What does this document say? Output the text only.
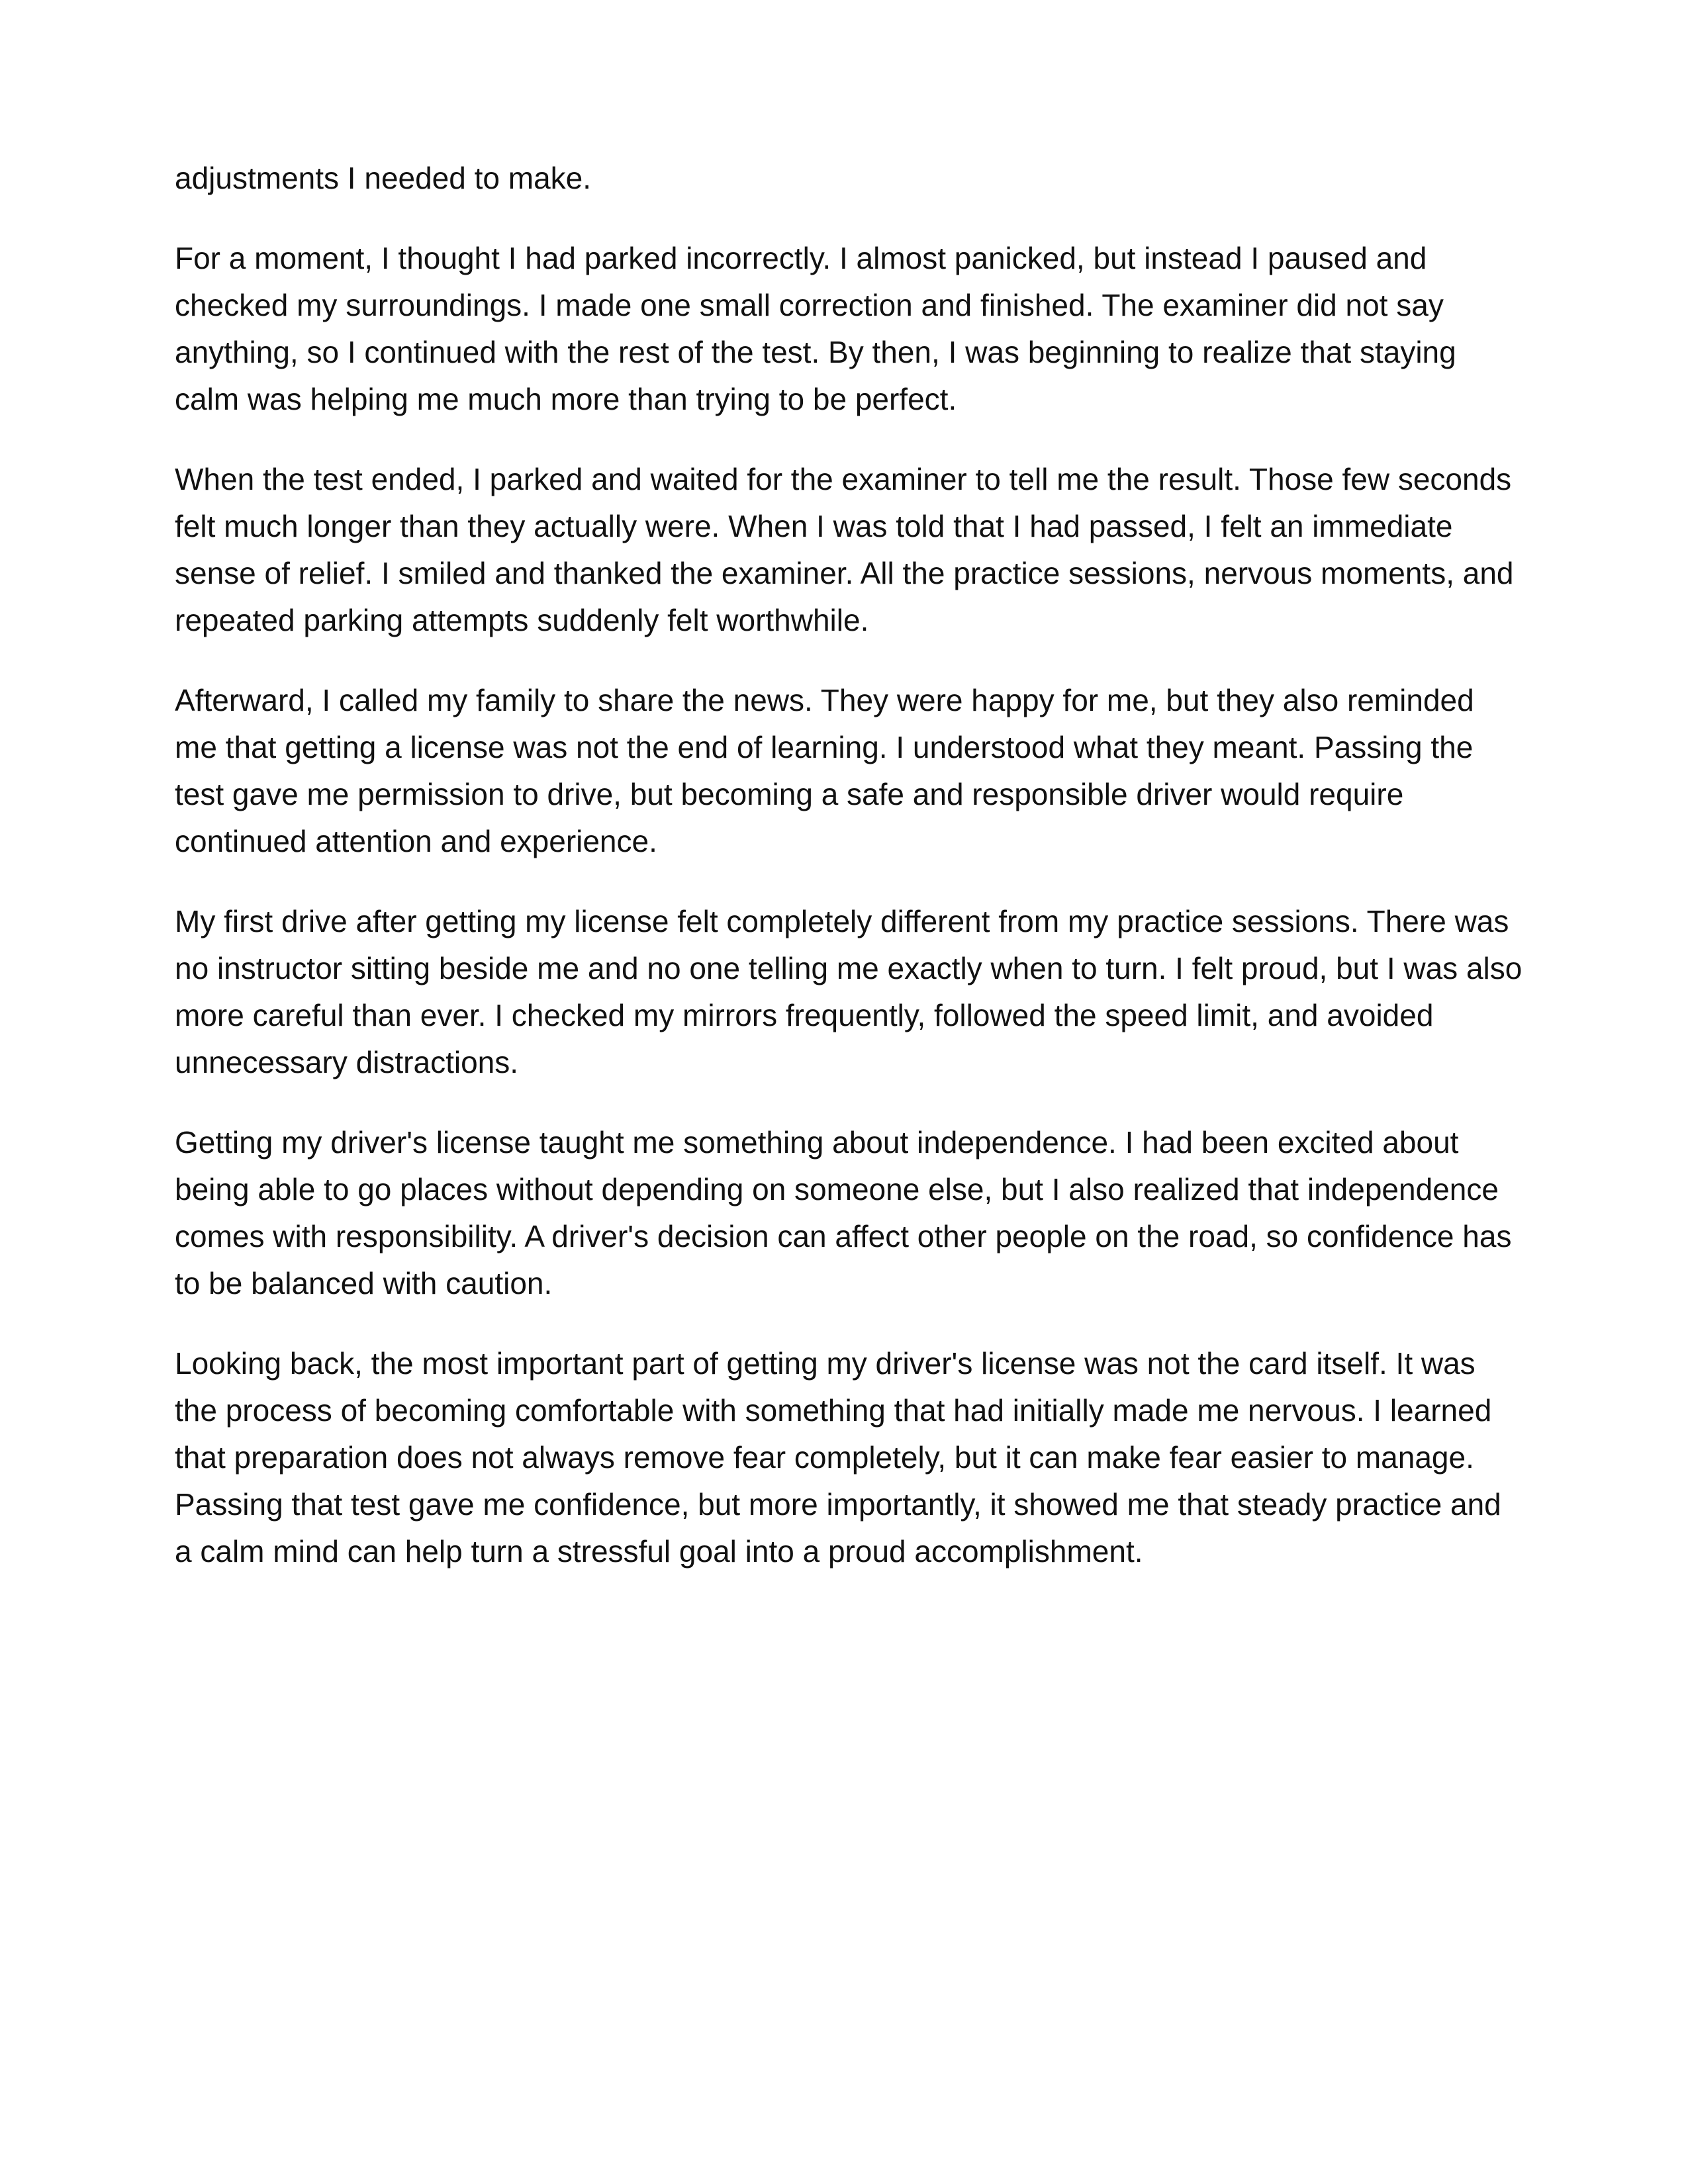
adjustments I needed to make.

For a moment, I thought I had parked incorrectly. I almost panicked, but instead I paused and
checked my surroundings. I made one small correction and finished. The examiner did not say
anything, so I continued with the rest of the test. By then, I was beginning to realize that staying
calm was helping me much more than trying to be perfect.

When the test ended, I parked and waited for the examiner to tell me the result. Those few seconds
felt much longer than they actually were. When I was told that I had passed, I felt an immediate
sense of relief. I smiled and thanked the examiner. All the practice sessions, nervous moments, and
repeated parking attempts suddenly felt worthwhile.

Afterward, I called my family to share the news. They were happy for me, but they also reminded
me that getting a license was not the end of learning. I understood what they meant. Passing the
test gave me permission to drive, but becoming a safe and responsible driver would require
continued attention and experience.

My first drive after getting my license felt completely different from my practice sessions. There was
no instructor sitting beside me and no one telling me exactly when to turn. I felt proud, but I was also
more careful than ever. I checked my mirrors frequently, followed the speed limit, and avoided
unnecessary distractions.

Getting my driver's license taught me something about independence. I had been excited about
being able to go places without depending on someone else, but I also realized that independence
comes with responsibility. A driver's decision can affect other people on the road, so confidence has
to be balanced with caution.

Looking back, the most important part of getting my driver's license was not the card itself. It was
the process of becoming comfortable with something that had initially made me nervous. I learned
that preparation does not always remove fear completely, but it can make fear easier to manage.
Passing that test gave me confidence, but more importantly, it showed me that steady practice and
a calm mind can help turn a stressful goal into a proud accomplishment.
